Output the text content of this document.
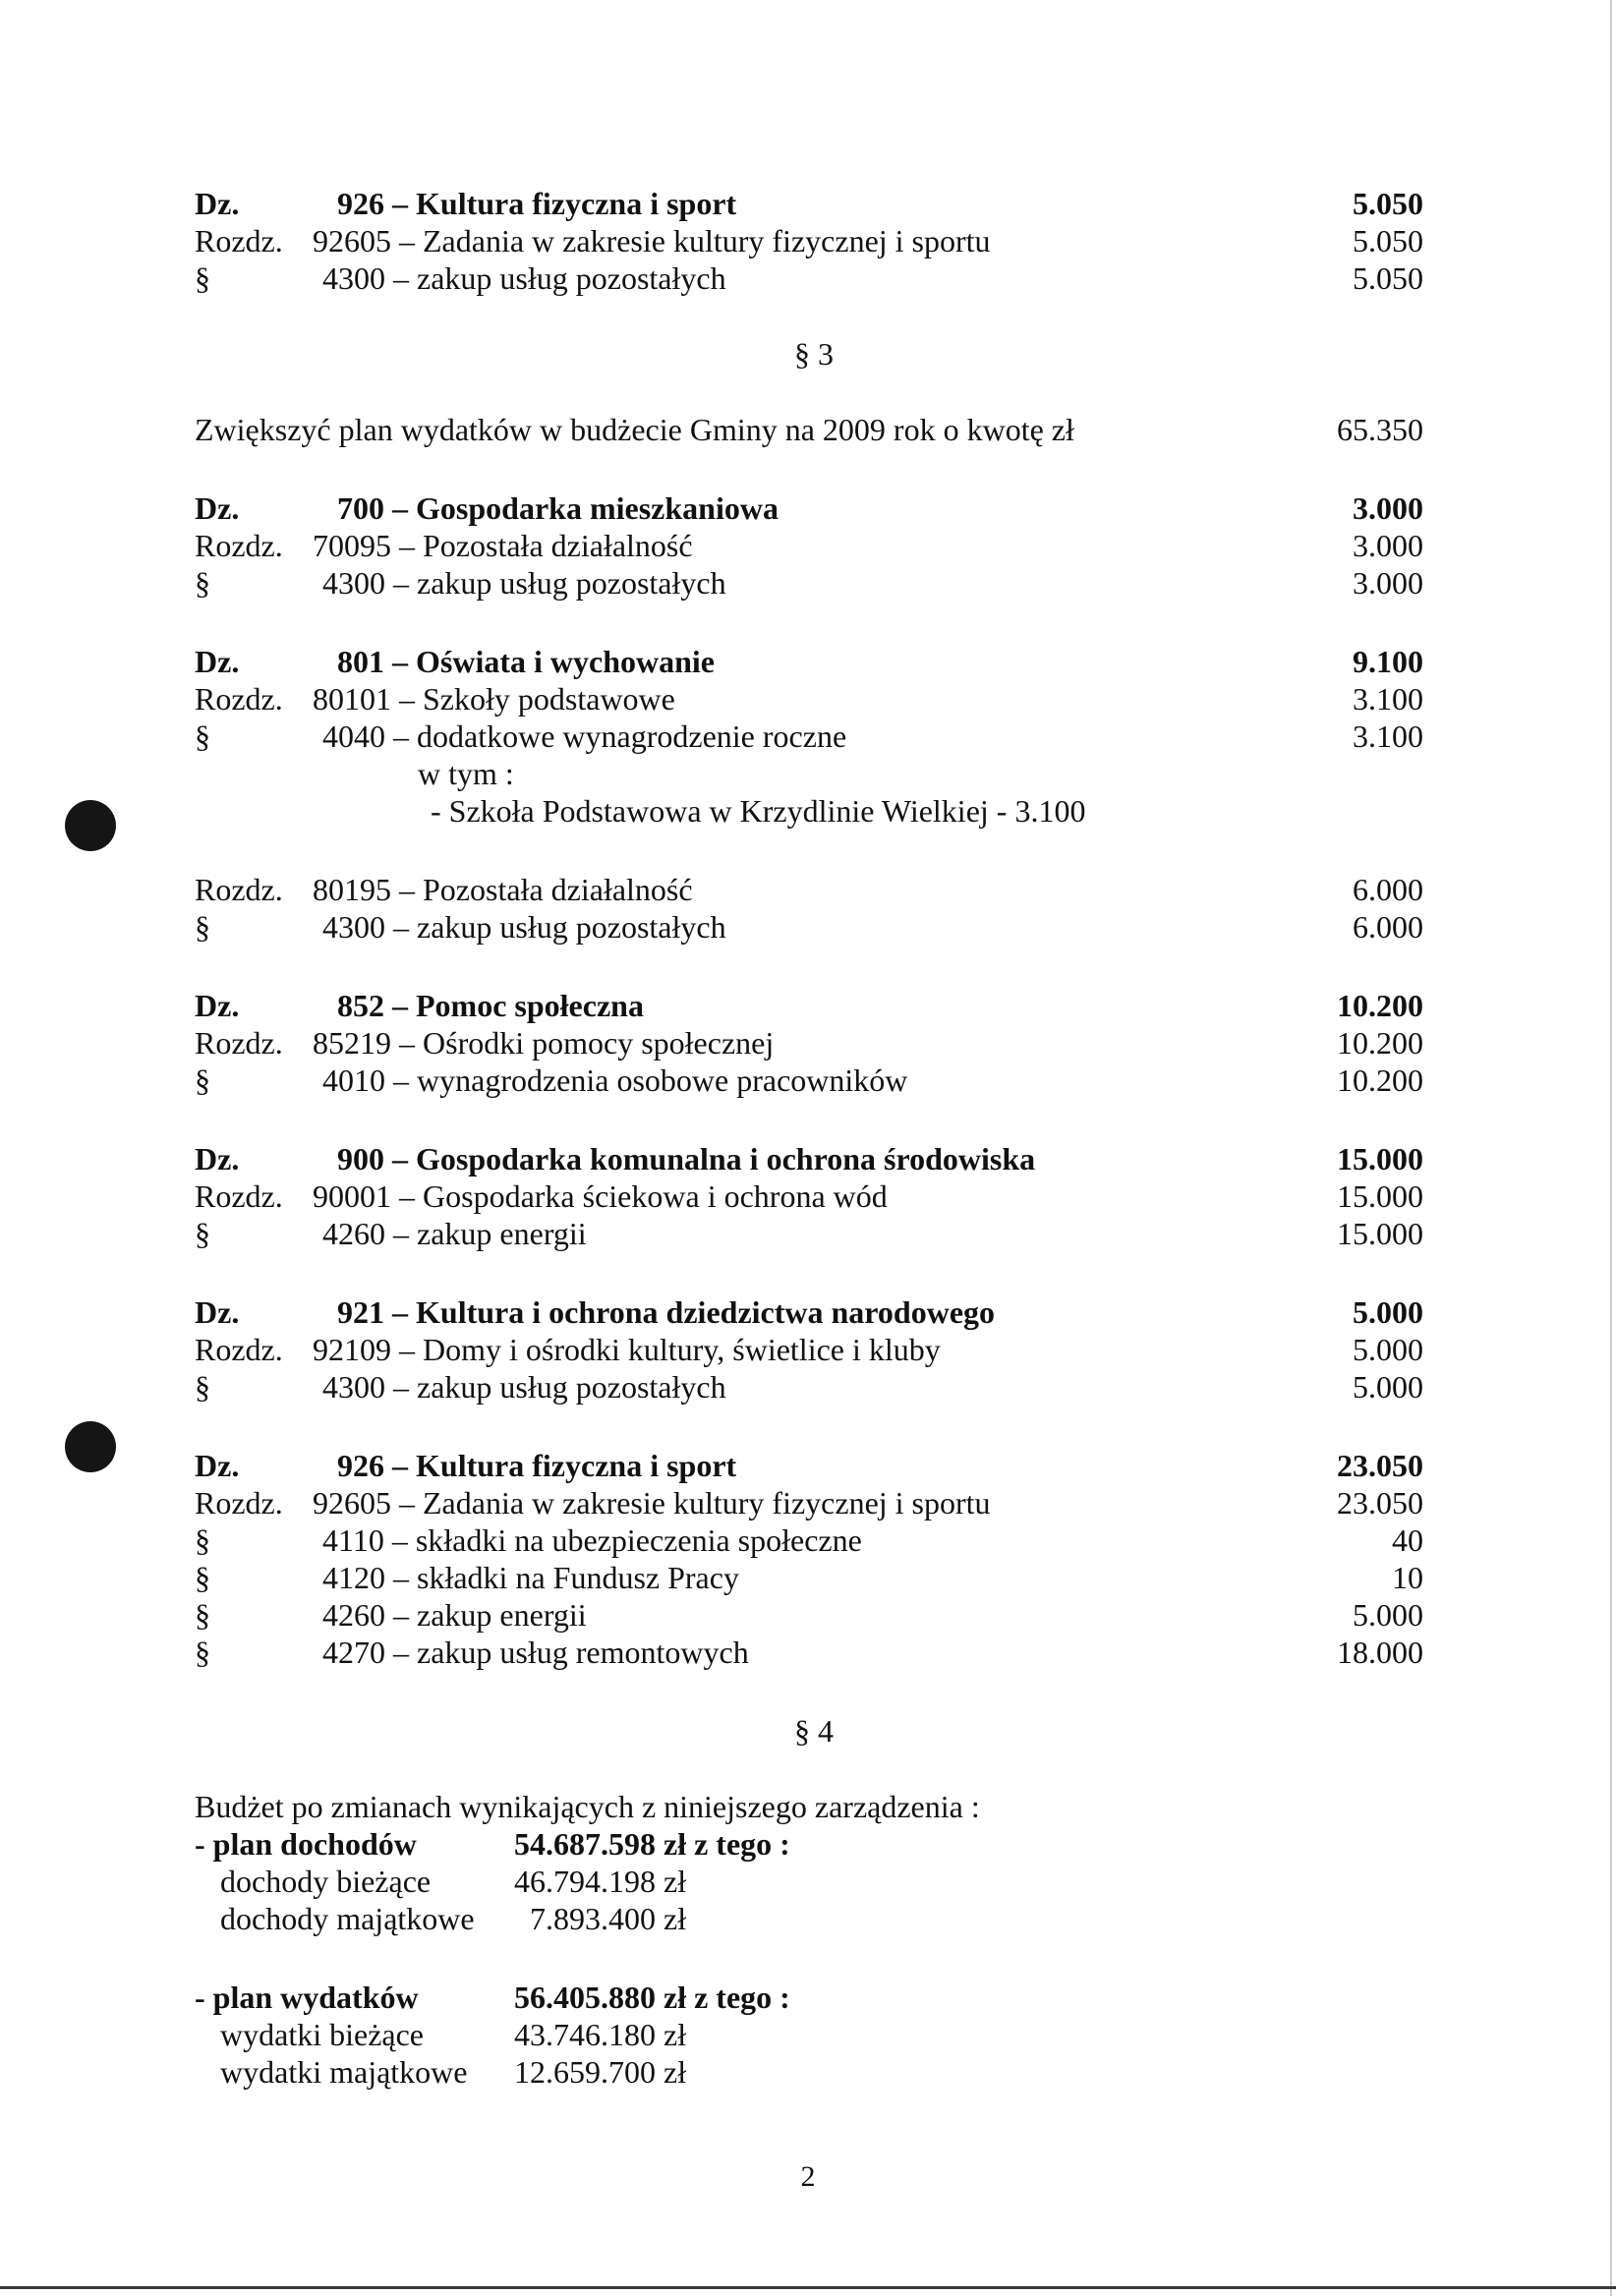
Dz.	926 – Kultura fizyczna i sport	5.050
Rozdz. 92605 – Zadania w zakresie kultury fizycznej i sportu	5.050
§	4300 – zakup usług pozostałych	5.050
§ 3
Zwiększyć plan wydatków w budżecie Gminy na 2009 rok o kwotę zł	65.350
Dz.	700 – Gospodarka mieszkaniowa	3.000
Rozdz. 70095 – Pozostała działalność	3.000
§	4300 – zakup usług pozostałych	3.000
Dz.	801 – Oświata i wychowanie	9.100
Rozdz. 80101 – Szkoły podstawowe	3.100
§	4040 – dodatkowe wynagrodzenie roczne	3.100
w tym :
- Szkoła Podstawowa w Krzydlinie Wielkiej - 3.100
Rozdz. 80195 – Pozostała działalność	6.000
§	4300 – zakup usług pozostałych	6.000
Dz.	852 – Pomoc społeczna	10.200
Rozdz. 85219 – Ośrodki pomocy społecznej	10.200
§	4010 – wynagrodzenia osobowe pracowników	10.200
Dz.	900 – Gospodarka komunalna i ochrona środowiska	15.000
Rozdz. 90001 – Gospodarka ściekowa i ochrona wód	15.000
§	4260 – zakup energii	15.000
Dz.	921 – Kultura i ochrona dziedzictwa narodowego	5.000
Rozdz. 92109 – Domy i ośrodki kultury, świetlice i kluby	5.000
§	4300 – zakup usług pozostałych	5.000
Dz.	926 – Kultura fizyczna i sport	23.050
Rozdz. 92605 – Zadania w zakresie kultury fizycznej i sportu	23.050
§	4110 – składki na ubezpieczenia społeczne	40
§	4120 – składki na Fundusz Pracy	10
§	4260 – zakup energii	5.000
§	4270 – zakup usług remontowych	18.000
§ 4
Budżet po zmianach wynikających z niniejszego zarządzenia :
- plan dochodów	54.687.598 zł z tego :
dochody bieżące	46.794.198 zł
dochody majątkowe 7.893.400 zł
- plan wydatków	56.405.880 zł z tego :
wydatki bieżące	43.746.180 zł
wydatki majątkowe 12.659.700 zł
2
